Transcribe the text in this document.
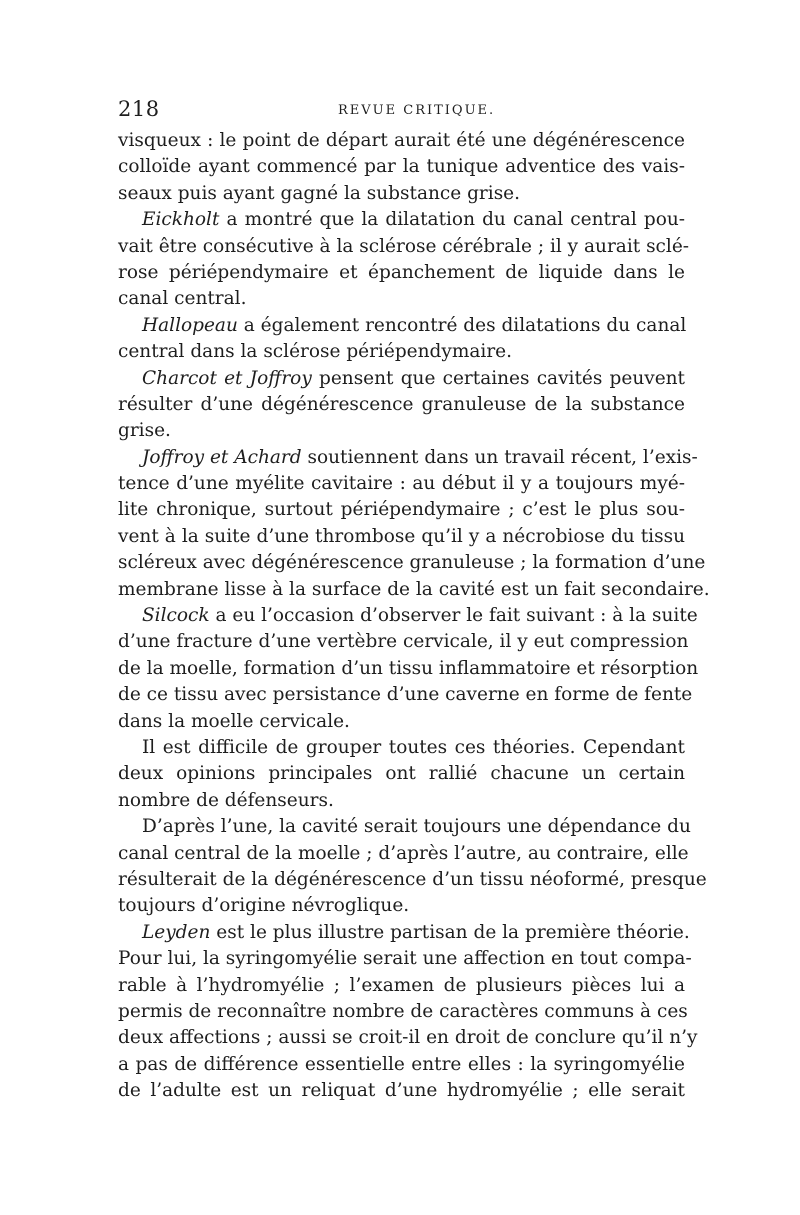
218	REVUE CRITIQUE.
visqueux : le point de départ aurait été une dégénérescence
colloïde ayant commencé par la tunique adventice des vais-
seaux puis ayant gagné la substance grise.
Eickholt a montré que la dilatation du canal central pou-
vait être consécutive à la sclérose cérébrale ; il y aurait sclé-
rose périépendymaire et épanchement de liquide dans le
canal central.
Hallopeau a également rencontré des dilatations du canal
central dans la sclérose périépendymaire.
Charcot et Joffroy pensent que certaines cavités peuvent
résulter d’une dégénérescence granuleuse de la substance
grise.
Joffroy et Achard soutiennent dans un travail récent, l’exis-
tence d’une myélite cavitaire : au début il y a toujours myé-
lite chronique, surtout périépendymaire ; c’est le plus sou-
vent à la suite d’une thrombose qu’il y a nécrobiose du tissu
scléreux avec dégénérescence granuleuse ; la formation d’une
membrane lisse à la surface de la cavité est un fait secondaire.
Silcock a eu l’occasion d’observer le fait suivant : à la suite
d’une fracture d’une vertèbre cervicale, il y eut compression
de la moelle, formation d’un tissu inflammatoire et résorption
de ce tissu avec persistance d’une caverne en forme de fente
dans la moelle cervicale.
Il est difficile de grouper toutes ces théories. Cependant
deux opinions principales ont rallié chacune un certain
nombre de défenseurs.
D’après l’une, la cavité serait toujours une dépendance du
canal central de la moelle ; d’après l’autre, au contraire, elle
résulterait de la dégénérescence d’un tissu néoformé, presque
toujours d’origine névroglique.
Leyden est le plus illustre partisan de la première théorie.
Pour lui, la syringomyélie serait une affection en tout compa-
rable à l’hydromyélie ; l’examen de plusieurs pièces lui a
permis de reconnaître nombre de caractères communs à ces
deux affections ; aussi se croit-il en droit de conclure qu’il n’y
a pas de différence essentielle entre elles : la syringomyélie
de l’adulte est un reliquat d’une hydromyélie ; elle serait
